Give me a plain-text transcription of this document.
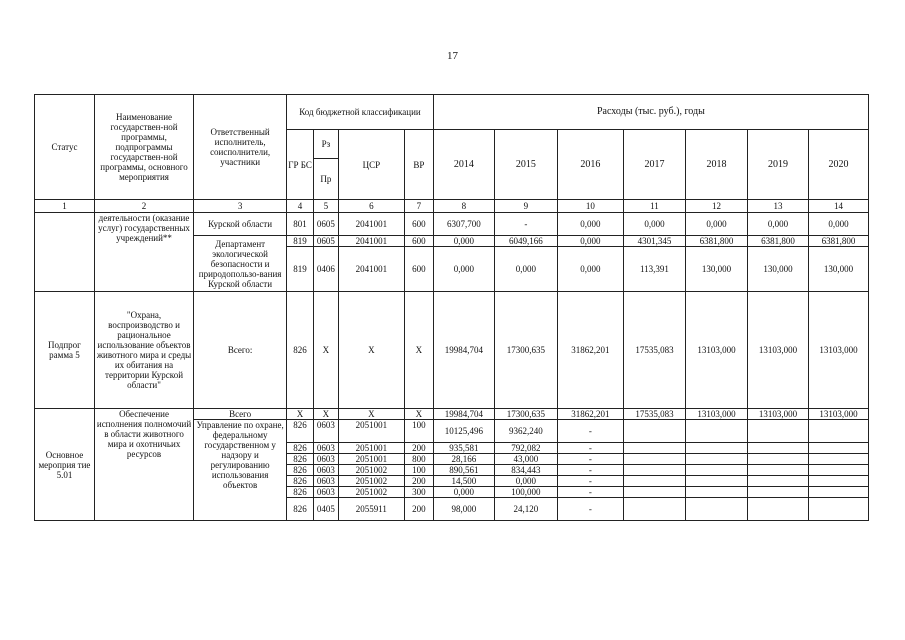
17
Статус	Наименование государствен-ной программы, подпрограммы государствен-ной программы, основного мероприятия	Ответственный исполнитель, соисполнители, участники	Код бюджетной классификации				Расходы (тыс. руб.), годы						
			ГР БС	Рз	ЦСР	ВР	2014	2015	2016	2017	2018	2019	2020
				Пр									
1	2	3	4	5	6	7	8	9	10	11	12	13	14
	деятельности (оказание услуг) государственных учреждений**	Курской области	801	0605	2041001	600	6307,700	-	0,000	0,000	0,000	0,000	0,000
		Департамент экологической безопасности и природопользо-вания Курской области	819	0605	2041001	600	0,000	6049,166	0,000	4301,345	6381,800	6381,800	6381,800
			819	0406	2041001	600	0,000	0,000	0,000	113,391	130,000	130,000	130,000
Подпрог рамма 5	"Охрана, воспроизводство и рациональное использование объектов животного мира и среды их обитания на территории Курской области"	Всего:	826	X	X	X	19984,704	17300,635	31862,201	17535,083	13103,000	13103,000	13103,000
Основное мероприя тие 5.01	Обеспечение исполнения полномочий в области животного мира и охотничьих ресурсов	Всего	X	X	X	X	19984,704	17300,635	31862,201	17535,083	13103,000	13103,000	13103,000
		Управление по охране, федеральному государственном у надзору и регулированию использования объектов	826	0603	2051001	100	10125,496	9362,240	-				
			826	0603	2051001	200	935,581	792,082	-				
			826	0603	2051001	800	28,166	43,000	-				
			826	0603	2051002	100	890,561	834,443	-				
			826	0603	2051002	200	14,500	0,000	-				
			826	0603	2051002	300	0,000	100,000	-				
			826	0405	2055911	200	98,000	24,120	-				
